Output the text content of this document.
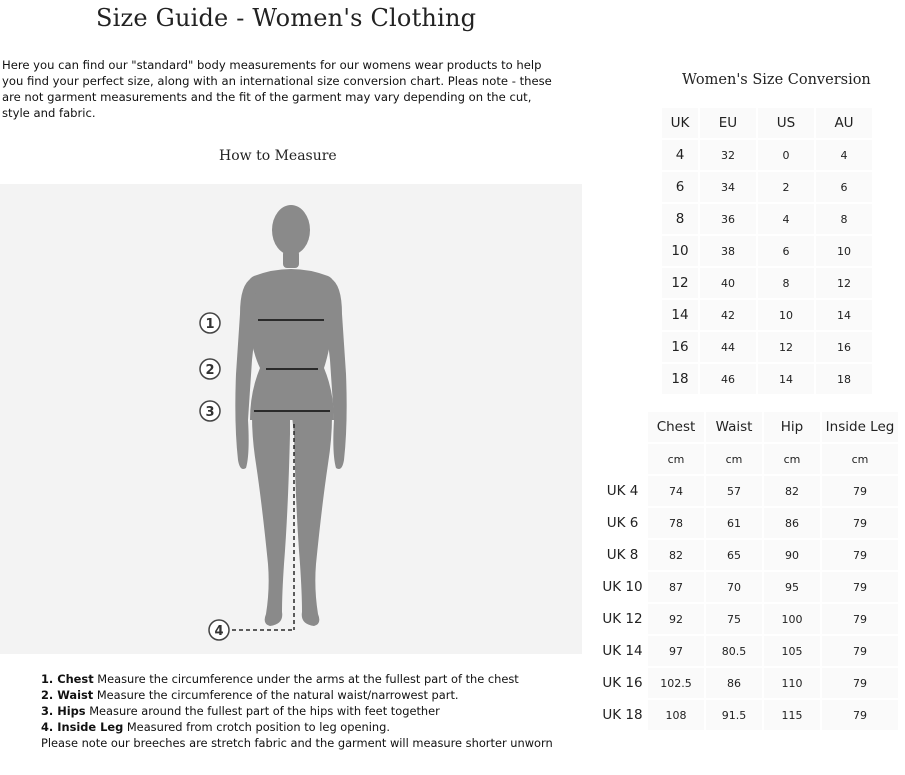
Size Guide - Women's Clothing

Here you can find our "standard" body measurements for our womens wear products to help you find your perfect size, along with an international size conversion chart. Pleas note - these are not garment measurements and the fit of the garment may vary depending on the cut, style and fabric.

How to Measure
1
2
3
4
1. Chest Measure the circumference under the arms at the fullest part of the chest
2. Waist Measure the circumference of the natural waist/narrowest part.
3. Hips Measure around the fullest part of the hips with feet together
4. Inside Leg Measured from crotch position to leg opening.
Please note our breeches are stretch fabric and the garment will measure shorter unworn
Women's Size Conversion
UK	EU	US	AU
4	32	0	4
6	34	2	6
8	36	4	8
10	38	6	10
12	40	8	12
14	42	10	14
16	44	12	16
18	46	14	18
	Chest	Waist	Hip	Inside Leg
	cm	cm	cm	cm
UK 4	74	57	82	79
UK 6	78	61	86	79
UK 8	82	65	90	79
UK 10	87	70	95	79
UK 12	92	75	100	79
UK 14	97	80.5	105	79
UK 16	102.5	86	110	79
UK 18	108	91.5	115	79
